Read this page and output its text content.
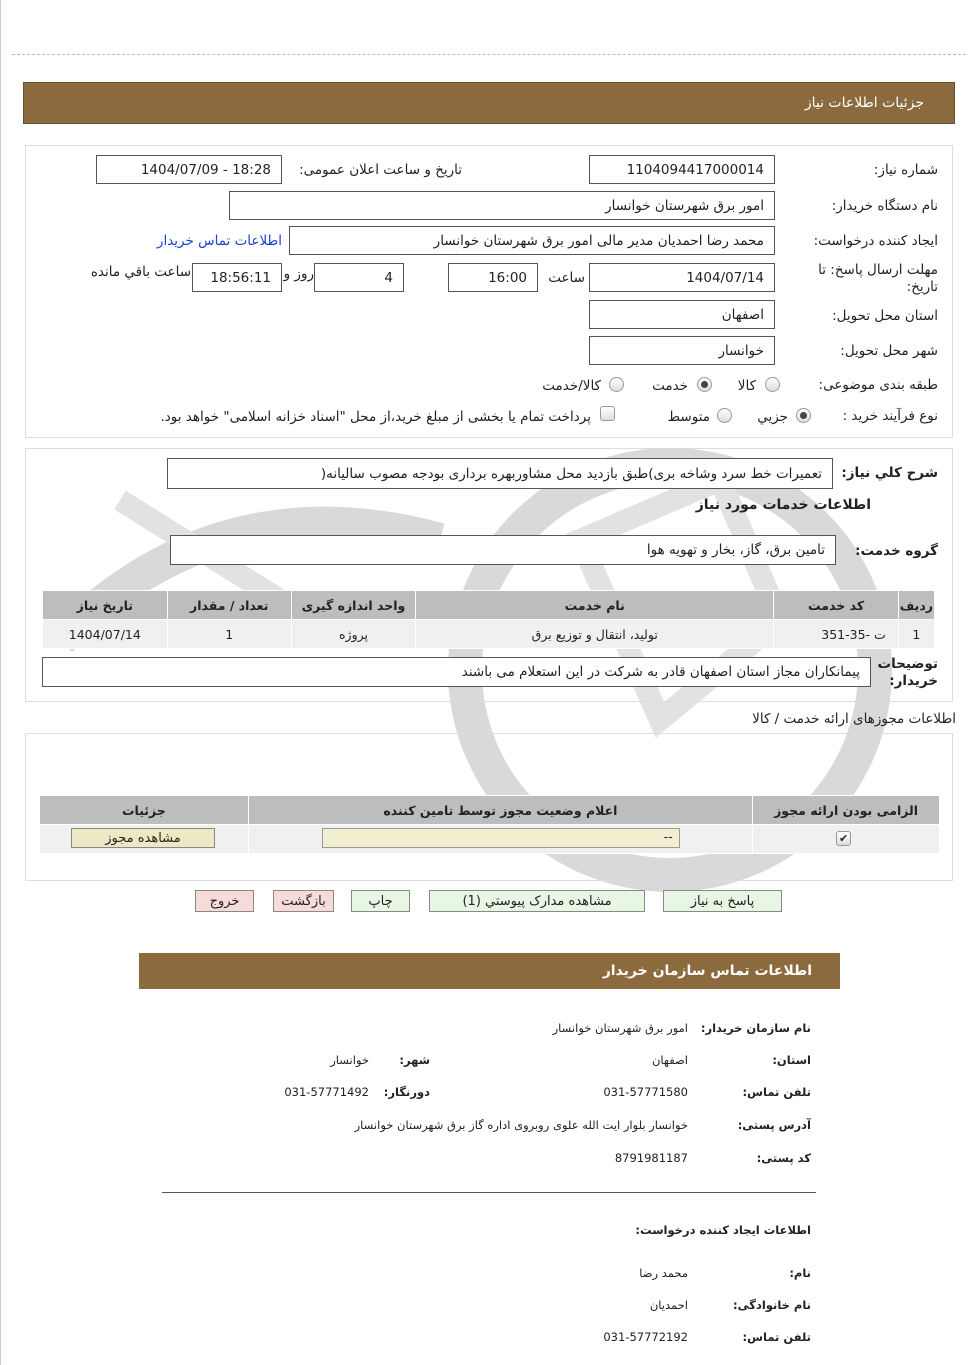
جزئیات اطلاعات نیاز
شماره نیاز:
1104094417000014
تاریخ و ساعت اعلان عمومی:
1404/07/09 - 18:28
نام دستگاه خریدار:
امور برق شهرستان خوانسار
ایجاد کننده درخواست:
محمد رضا احمدیان مدیر مالی امور برق شهرستان خوانسار
اطلاعات تماس خریدار
مهلت ارسال پاسخ: تا تاریخ:
1404/07/14
ساعت
16:00
4
روز و
18:56:11
ساعت باقي مانده
استان محل تحویل:
اصفهان
شهر محل تحویل:
خوانسار
طبقه بندی موضوعی:
کالا
خدمت
کالا/خدمت
نوع فرآیند خرید :
جزيي
متوسط
پرداخت تمام یا بخشی از مبلغ خرید،از محل "اسناد خزانه اسلامی" خواهد بود.
شرح کلي نياز:
تعمیرات خط سرد وشاخه بری)طبق بازدید محل مشاوربهره برداری بودجه مصوب سالیانه(
اطلاعات خدمات مورد نیاز
گروه خدمت:
تامین برق، گاز، بخار و تهویه هوا
رديف	کد خدمت	نام خدمت	واحد اندازه گیری	تعداد / مقدار	تاریخ نیاز
1	ت -35-351	تولید، انتقال و توزیع برق	پروژه	1	1404/07/14
توضیحات خریدار:
پیمانکاران مجاز استان اصفهان قادر به شرکت در این استعلام می باشند
اطلاعات مجوزهای ارائه خدمت / کالا
الزامی بودن ارائه مجوز	اعلام وضعیت مجوز توسط تامین کننده	جزئیات

✔	--	مشاهده مجوز
پاسخ به نیاز
مشاهده مدارک پیوستي (1)
چاپ
بازگشت
خروج
اطلاعات تماس سازمان خریدار
نام سازمان خریدار:
امور برق شهرستان خوانسار
استان:
اصفهان
شهر:
خوانسار
تلفن تماس:
031-57771580
دورنگار:
031-57771492
آدرس پستی:
خوانسار بلوار ایت الله علوی روبروی اداره گاز برق شهرستان خوانسار
کد پستی:
8791981187
اطلاعات ایجاد کننده درخواست:
نام:
محمد رضا
نام خانوادگی:
احمدیان
تلفن تماس:
031-57772192
